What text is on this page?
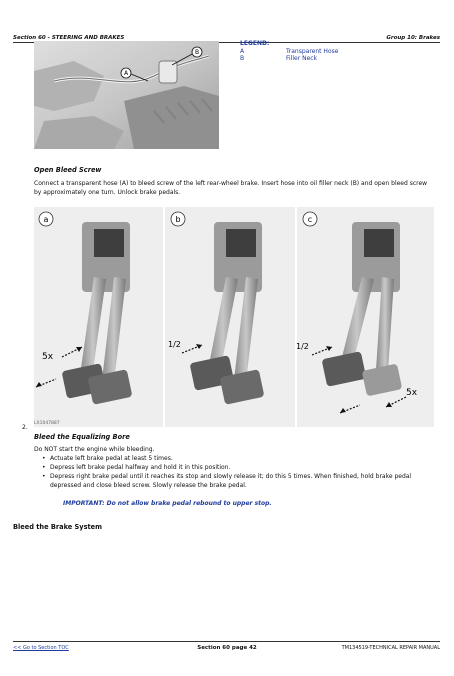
Section 60 - STEERING AND BRAKES	Group 10: Brakes
B
A
LEGEND:
A	Transparent Hose
B	Filler Neck
Open Bleed Screw
Connect a transparent hose (A) to bleed screw of the left rear-wheel brake. Insert hose into oil filler neck (B) and open bleed screw by approximately one turn. Unlock brake pedals.
a
5x
b
1/2
c
1/2
5x
LX1047887
2.
Bleed the Equalizing Bore
Do NOT start the engine while bleeding.
• Actuate left brake pedal at least 5 times.
• Depress left brake pedal halfway and hold it in this position.
• Depress right brake pedal until it reaches its stop and slowly release it; do this 5 times. When finished, hold brake pedal depressed and close bleed screw. Slowly release the brake pedal.
IMPORTANT: Do not allow brake pedal rebound to upper stop.
Bleed the Brake System
<< Go to Section TOC	Section 60 page 42	TM134519-TECHNICAL REPAIR MANUAL
